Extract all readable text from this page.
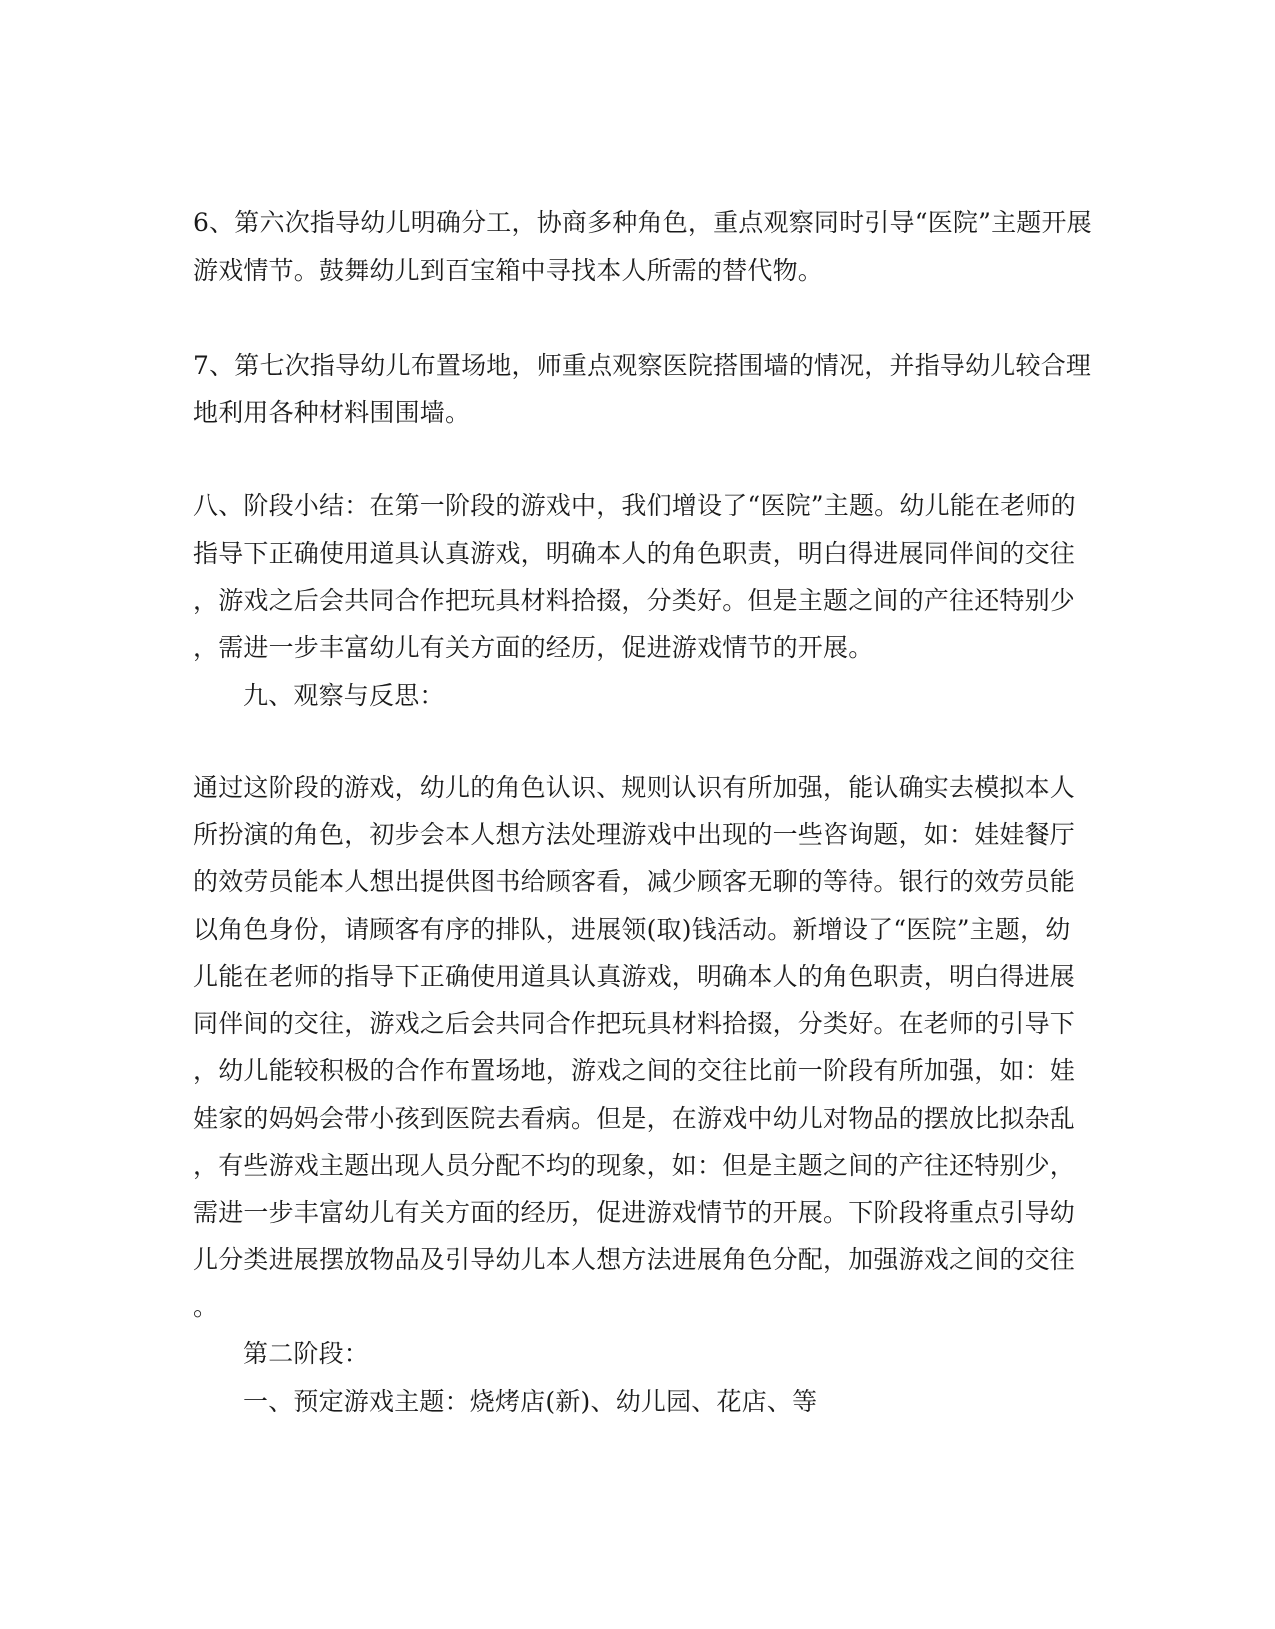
6、第六次指导幼儿明确分工，协商多种角色，重点观察同时引导“医院”主题开展
游戏情节。鼓舞幼儿到百宝箱中寻找本人所需的替代物。
7、第七次指导幼儿布置场地，师重点观察医院搭围墙的情况，并指导幼儿较合理
地利用各种材料围围墙。
八、阶段小结：在第一阶段的游戏中，我们增设了“医院”主题。幼儿能在老师的
指导下正确使用道具认真游戏，明确本人的角色职责，明白得进展同伴间的交往
，游戏之后会共同合作把玩具材料拾掇，分类好。但是主题之间的产往还特别少
，需进一步丰富幼儿有关方面的经历，促进游戏情节的开展。
九、观察与反思：
通过这阶段的游戏，幼儿的角色认识、规则认识有所加强，能认确实去模拟本人
所扮演的角色，初步会本人想方法处理游戏中出现的一些咨询题，如：娃娃餐厅
的效劳员能本人想出提供图书给顾客看，减少顾客无聊的等待。银行的效劳员能
以角色身份，请顾客有序的排队，进展领(取)钱活动。新增设了“医院”主题，幼
儿能在老师的指导下正确使用道具认真游戏，明确本人的角色职责，明白得进展
同伴间的交往，游戏之后会共同合作把玩具材料拾掇，分类好。在老师的引导下
，幼儿能较积极的合作布置场地，游戏之间的交往比前一阶段有所加强，如：娃
娃家的妈妈会带小孩到医院去看病。但是，在游戏中幼儿对物品的摆放比拟杂乱
，有些游戏主题出现人员分配不均的现象，如：但是主题之间的产往还特别少，
需进一步丰富幼儿有关方面的经历，促进游戏情节的开展。下阶段将重点引导幼
儿分类进展摆放物品及引导幼儿本人想方法进展角色分配，加强游戏之间的交往
。
第二阶段：
一、预定游戏主题：烧烤店(新)、幼儿园、花店、等
